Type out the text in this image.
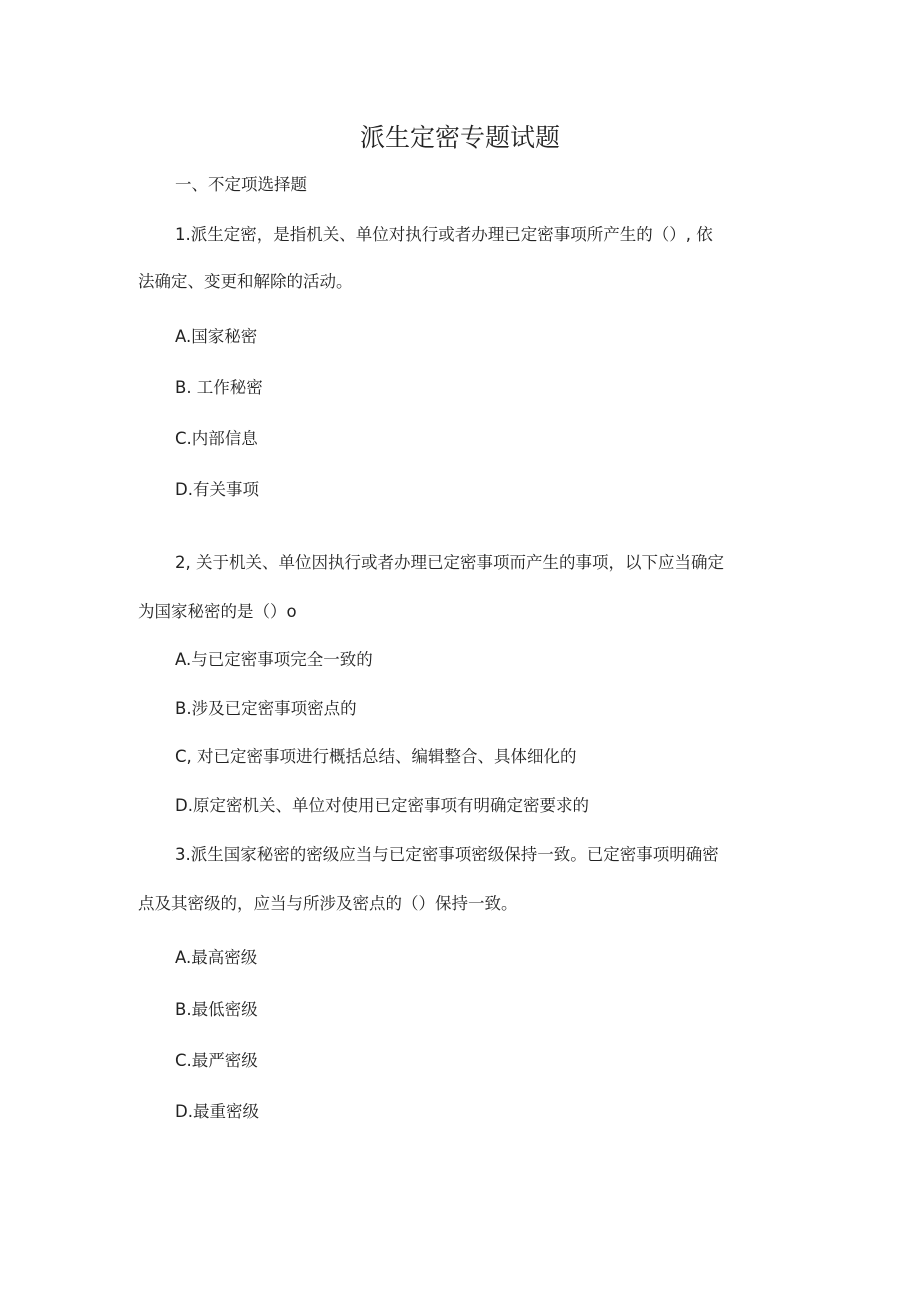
派生定密专题试题
一、不定项选择题
1.派生定密，是指机关、单位对执行或者办理已定密事项所产生的（）, 依
法确定、变更和解除的活动。
A.国家秘密
B. 工作秘密
C.内部信息
D.有关事项
2, 关于机关、单位因执行或者办理已定密事项而产生的事项，以下应当确定
为国家秘密的是（）o
A.与已定密事项完全一致的
B.涉及已定密事项密点的
C, 对已定密事项进行概括总结、编辑整合、具体细化的
D.原定密机关、单位对使用已定密事项有明确定密要求的
3.派生国家秘密的密级应当与已定密事项密级保持一致。已定密事项明确密
点及其密级的，应当与所涉及密点的（）保持一致。
A.最高密级
B.最低密级
C.最严密级
D.最重密级
